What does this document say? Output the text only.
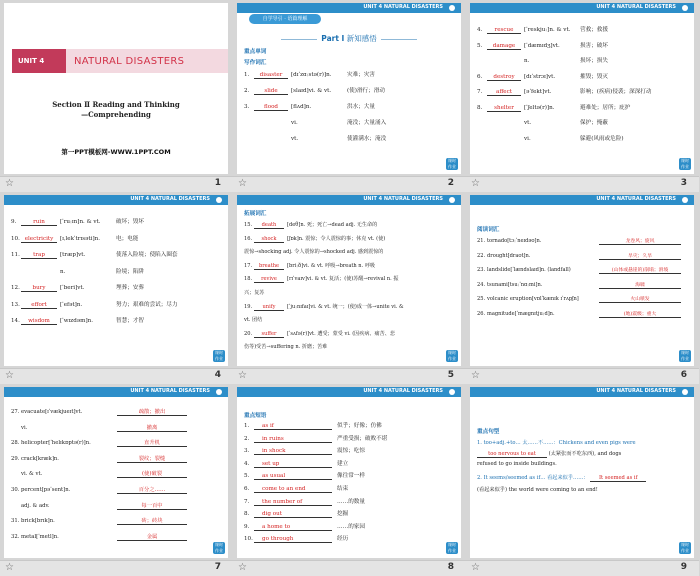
UNIT 4	NATURAL DISASTERS
Section Ⅱ Reading and Thinking
—Comprehending
第一PPT模板网-WWW.1PPT.COM
☆	1
UNIT 4 NATURAL DISASTERS
自学导引 · 语篇理解
Part Ⅰ 新知感悟
重点单词
写作词汇
1. disaster [dɪˈzɑːstə(r)]n.	灾难；灾害
2.	slide [slaɪd]vi. & vt.	(使)滑行；滑动
3.	flood [flʌd]n.	洪水；大量
vi.	淹没；大量涌入
vt.	使灌满水；淹没
课时
作业
☆	2
UNIT 4 NATURAL DISASTERS
4. rescue [ˈreskjuː]n. & vt. 营救；救援
5. damage [ˈdæmɪdʒ]vt.	损害；破坏
n.	损坏；损失
6. destroy [dɪˈstrɔɪ]vt.	摧毁；毁灭
7. affect [əˈfekt]vt.	影响；(疾病)侵袭；深深打动
8. shelter [ˈʃeltə(r)]n.	避难处；居所；庇护
vt.	保护；掩蔽
vi.	躲避(风雨或危险)
课时
作业
☆	3
UNIT 4 NATURAL DISASTERS
9.	ruin	[ˈruːɪn]n. & vt.	破坏；毁坏
10. electricity [ɪˌlekˈtrɪsəti]n.	电；电能
11. trap	[træp]vt.	使落入险境；使陷入圈套
n.	险境；陷阱
12. bury	[ˈberi]vt.	埋葬；安葬
13. effort [ˈefət]n.	努力；艰难的尝试；尽力
14. wisdom [ˈwɪzdəm]n.	智慧；才智
课时
作业
☆	4
UNIT 4 NATURAL DISASTERS
拓展词汇
15. death [deθ]n. 死；死亡→dead adj. 无生命的
16. shock [ʃɒk]n. 震惊；令人震惊的事；休克 vt. (使)
震惊→shocking adj. 令人震惊的→shocked adj. 感到震惊的
17. breathe [briːð]vi. & vt. 呼吸→breath n. 呼吸
18. revive [rɪˈvaɪv]vi. & vt. 复活；(使)苏醒→revival n. 振
兴；复苏
19. unify [ˈjuːnɪfaɪ]vi. & vt. 统一；(使)成一体→unite vi. &
vt. 团结
20. suffer [ˈsʌfə(r)]vt. 遭受；蒙受 vi. (因疾病、痛苦、悲
伤等)受苦→suffering n. 折磨；苦难
课时
作业
☆	5
UNIT 4 NATURAL DISASTERS
阅读词汇
21. tornado[tɔːˈneɪdəʊ]n.	龙卷风；旋风
22. drought[draʊt]n.	旱灾；久旱
23. landslide[ˈlændslaɪd]n. (landfall)	(山体或悬崖的)崩塌；滑坡
24. tsunami[tsuːˈnɑːmi]n.	海啸
25. volcanic eruption[vɒlˈkænɪk ɪˈrʌpʃn]	火山喷发
26. magnitude[ˈmæɡnɪtjuːd]n.	(地)震级；重大
课时
作业
☆	6
UNIT 4 NATURAL DISASTERS
27. evacuate[ɪˈvækjueɪt]vt.	疏散；撤出
vi.	撤离
28. helicopter[ˈhelɪkɒptə(r)]n.	直升机
29. crack[kræk]n.	裂纹；裂缝
vi. & vt.	(使)破裂
30. percent[pəˈsent]n.	百分之……
adj. & adv.	每一百中
31. brick[brɪk]n.	砖；砖块
32. metal[ˈmetl]n.	金属
课时
作业
☆	7
UNIT 4 NATURAL DISASTERS
重点短语
1. as if	似乎；好像；仿佛
2. in ruins	严重受损；破败不堪
3. in shock	震惊；吃惊
4. set up	建立
5. as usual	像往常一样
6. come to an end	结束
7. the number of	……的数量
8. dig out	挖掘
9. a home to	……的家园
10. go through	经历
课时
作业
☆	8
UNIT 4 NATURAL DISASTERS
重点句型
1. too+adj.+to… 太……不……：Chickens and even pigs were
too nervous to eat (太紧张而不吃东西), and dogs
refused to go inside buildings.
2. It seems/seemed as if… 看起来似乎……： It seemed as if
(看起来似乎) the world were coming to an end!
课时
作业
☆	9
